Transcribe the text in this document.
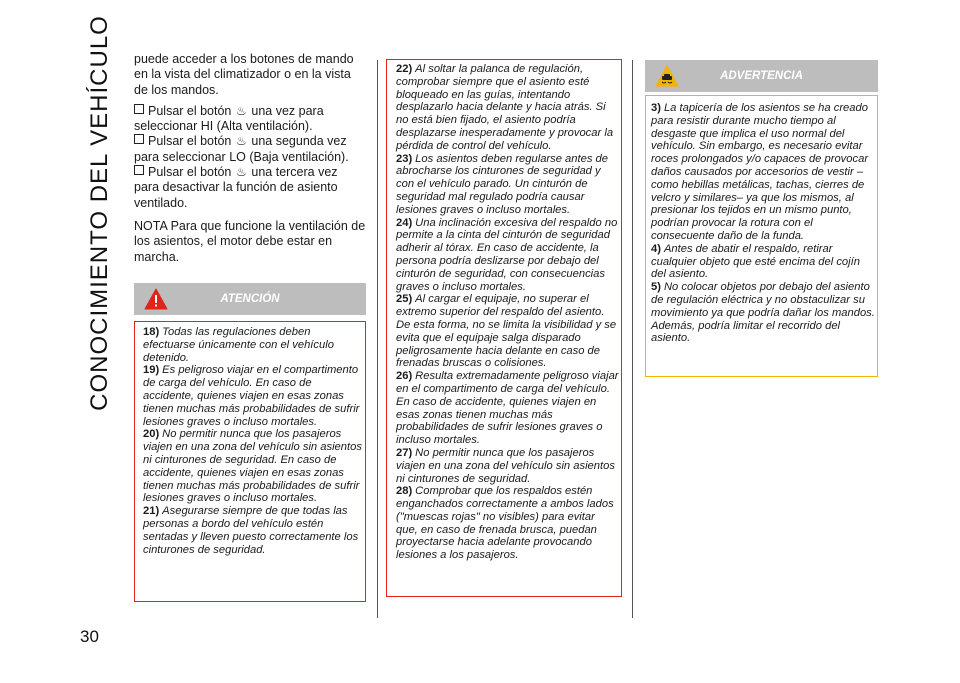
CONOCIMIENTO DEL VEHÍCULO
30

puede acceder a los botones de mando en la vista del climatizador o en la vista de los mandos.

Pulsar el botón ♨ una vez para seleccionar HI (Alta ventilación).

Pulsar el botón ♨ una segunda vez para seleccionar LO (Baja ventilación).

Pulsar el botón ♨ una tercera vez para desactivar la función de asiento ventilado.

NOTA Para que funcione la ventilación de los asientos, el motor debe estar en marcha.

ATENCIÓN

18) Todas las regulaciones deben efectuarse únicamente con el vehículo detenido.

19) Es peligroso viajar en el compartimento de carga del vehículo. En caso de accidente, quienes viajen en esas zonas tienen muchas más probabilidades de sufrir lesiones graves o incluso mortales.

20) No permitir nunca que los pasajeros viajen en una zona del vehículo sin asientos ni cinturones de seguridad. En caso de accidente, quienes viajen en esas zonas tienen muchas más probabilidades de sufrir lesiones graves o incluso mortales.

21) Asegurarse siempre de que todas las personas a bordo del vehículo estén sentadas y lleven puesto correctamente los cinturones de seguridad.

22) Al soltar la palanca de regulación, comprobar siempre que el asiento esté bloqueado en las guías, intentando desplazarlo hacia delante y hacia atrás. Si no está bien fijado, el asiento podría desplazarse inesperadamente y provocar la pérdida de control del vehículo.

23) Los asientos deben regularse antes de abrocharse los cinturones de seguridad y con el vehículo parado. Un cinturón de seguridad mal regulado podría causar lesiones graves o incluso mortales.

24) Una inclinación excesiva del respaldo no permite a la cinta del cinturón de seguridad adherir al tórax. En caso de accidente, la persona podría deslizarse por debajo del cinturón de seguridad, con consecuencias graves o incluso mortales.

25) Al cargar el equipaje, no superar el extremo superior del respaldo del asiento. De esta forma, no se limita la visibilidad y se evita que el equipaje salga disparado peligrosamente hacia delante en caso de frenadas bruscas o colisiones.

26) Resulta extremadamente peligroso viajar en el compartimento de carga del vehículo. En caso de accidente, quienes viajen en esas zonas tienen muchas más probabilidades de sufrir lesiones graves o incluso mortales.

27) No permitir nunca que los pasajeros viajen en una zona del vehículo sin asientos ni cinturones de seguridad.

28) Comprobar que los respaldos estén enganchados correctamente a ambos lados ("muescas rojas" no visibles) para evitar que, en caso de frenada brusca, puedan proyectarse hacia adelante provocando lesiones a los pasajeros.

ADVERTENCIA

3) La tapicería de los asientos se ha creado para resistir durante mucho tiempo al desgaste que implica el uso normal del vehículo. Sin embargo, es necesario evitar roces prolongados y/o capaces de provocar daños causados por accesorios de vestir –como hebillas metálicas, tachas, cierres de velcro y similares– ya que los mismos, al presionar los tejidos en un mismo punto, podrían provocar la rotura con el consecuente daño de la funda.

4) Antes de abatir el respaldo, retirar cualquier objeto que esté encima del cojín del asiento.

5) No colocar objetos por debajo del asiento de regulación eléctrica y no obstaculizar su movimiento ya que podría dañar los mandos. Además, podría limitar el recorrido del asiento.
